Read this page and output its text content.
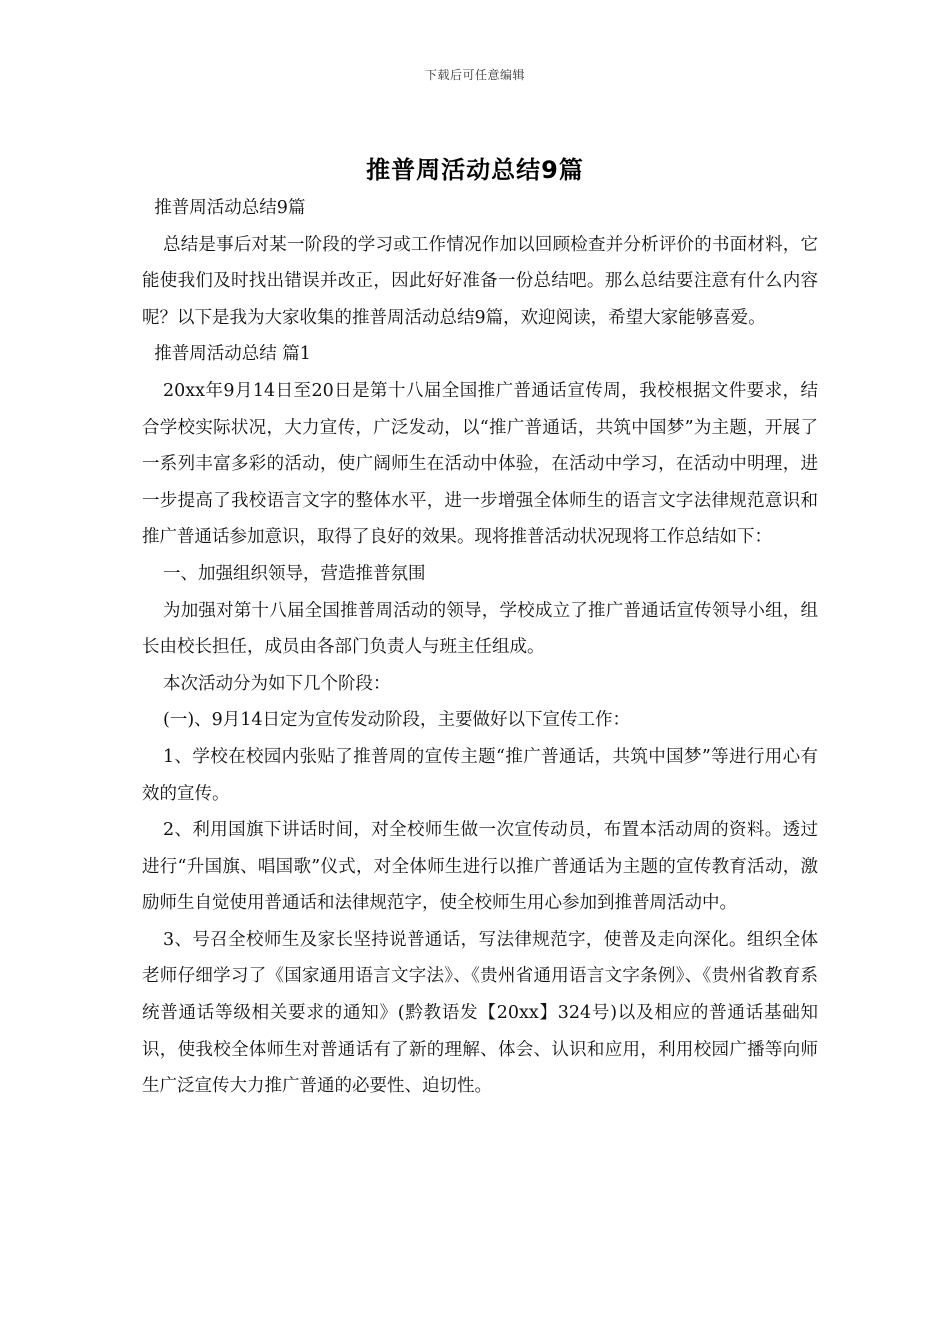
下载后可任意编辑
推普周活动总结9篇

推普周活动总结9篇

总结是事后对某一阶段的学习或工作情况作加以回顾检查并分析评价的书面材料，它能使我们及时找出错误并改正，因此好好准备一份总结吧。那么总结要注意有什么内容呢？以下是我为大家收集的推普周活动总结9篇，欢迎阅读，希望大家能够喜爱。

推普周活动总结 篇1

20xx年9月14日至20日是第十八届全国推广普通话宣传周，我校根据文件要求，结合学校实际状况，大力宣传，广泛发动，以“推广普通话，共筑中国梦”为主题，开展了一系列丰富多彩的活动，使广阔师生在活动中体验，在活动中学习，在活动中明理，进一步提高了我校语言文字的整体水平，进一步增强全体师生的语言文字法律规范意识和推广普通话参加意识，取得了良好的效果。现将推普活动状况现将工作总结如下：

一、加强组织领导，营造推普氛围

为加强对第十八届全国推普周活动的领导，学校成立了推广普通话宣传领导小组，组长由校长担任，成员由各部门负责人与班主任组成。

本次活动分为如下几个阶段：

(一)、9月14日定为宣传发动阶段，主要做好以下宣传工作：

1、学校在校园内张贴了推普周的宣传主题“推广普通话，共筑中国梦”等进行用心有效的宣传。

2、利用国旗下讲话时间，对全校师生做一次宣传动员，布置本活动周的资料。透过进行“升国旗、唱国歌”仪式，对全体师生进行以推广普通话为主题的宣传教育活动，激励师生自觉使用普通话和法律规范字，使全校师生用心参加到推普周活动中。

3、号召全校师生及家长坚持说普通话，写法律规范字，使普及走向深化。组织全体老师仔细学习了《国家通用语言文字法》、《贵州省通用语言文字条例》、《贵州省教育系统普通话等级相关要求的通知》(黔教语发【20xx】324号)以及相应的普通话基础知识，使我校全体师生对普通话有了新的理解、体会、认识和应用，利用校园广播等向师生广泛宣传大力推广普通的必要性、迫切性。
